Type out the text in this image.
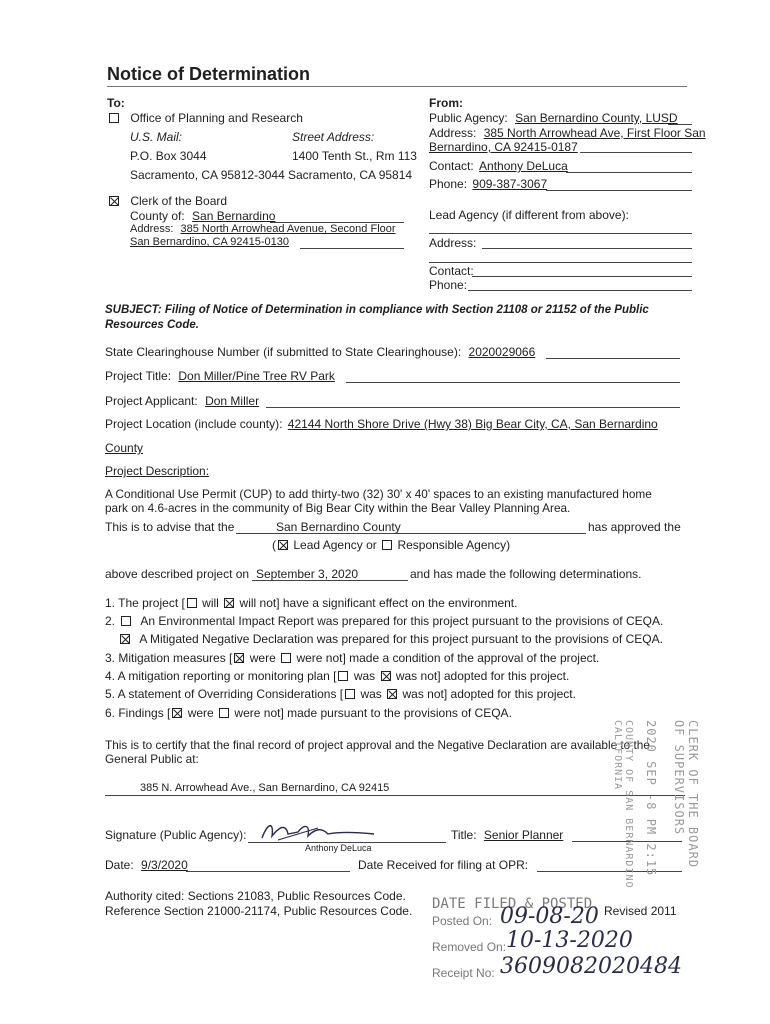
Notice of Determination
To:
Office of Planning and Research
U.S. Mail:	Street Address:
P.O. Box 3044	1400 Tenth St., Rm 113
Sacramento, CA 95812-3044 Sacramento, CA 95814
Clerk of the Board
County of: San Bernardino
Address: 385 North Arrowhead Avenue, Second Floor
San Bernardino, CA 92415-0130
From:
Public Agency: San Bernardino County, LUSD
Address: 385 North Arrowhead Ave, First Floor San
Bernardino, CA 92415-0187
Contact: Anthony DeLuca
Phone: 909-387-3067
Lead Agency (if different from above):
Address:
Contact:
Phone:
SUBJECT: Filing of Notice of Determination in compliance with Section 21108 or 21152 of the Public
Resources Code.
State Clearinghouse Number (if submitted to State Clearinghouse): 2020029066
Project Title: Don Miller/Pine Tree RV Park
Project Applicant: Don Miller
Project Location (include county): 42144 North Shore Drive (Hwy 38) Big Bear City, CA, San Bernardino
County
Project Description:
A Conditional Use Permit (CUP) to add thirty-two (32) 30' x 40' spaces to an existing manufactured home
park on 4.6-acres in the community of Big Bear City within the Bear Valley Planning Area.
This is to advise that the	San Bernardino County	has approved the
( Lead Agency or Responsible Agency)
above described project on September 3, 2020	and has made the following determinations.
1. The project [ will will not] have a significant effect on the environment.
2. An Environmental Impact Report was prepared for this project pursuant to the provisions of CEQA.
A Mitigated Negative Declaration was prepared for this project pursuant to the provisions of CEQA.
3. Mitigation measures [ were were not] made a condition of the approval of the project.
4. A mitigation reporting or monitoring plan [ was was not] adopted for this project.
5. A statement of Overriding Considerations [ was was not] adopted for this project.
6. Findings [ were were not] made pursuant to the provisions of CEQA.
This is to certify that the final record of project approval and the Negative Declaration are available to the
General Public at:
385 N. Arrowhead Ave., San Bernardino, CA 92415
Signature (Public Agency):
Anthony DeLuca
Title: Senior Planner
Date: 9/3/2020	Date Received for filing at OPR:
Authority cited: Sections 21083, Public Resources Code.
Reference Section 21000-21174, Public Resources Code. DATE FILED & POSTED Revised 2011
Posted On: 09-08-20
Removed On: 10-13-2020
Receipt No: 3609082020484
CLERK OF THE BOARD OF SUPERVISORS
2020 SEP -8 PM 2:15
COUNTY OF SAN BERNARDINO CALIFORNIA
